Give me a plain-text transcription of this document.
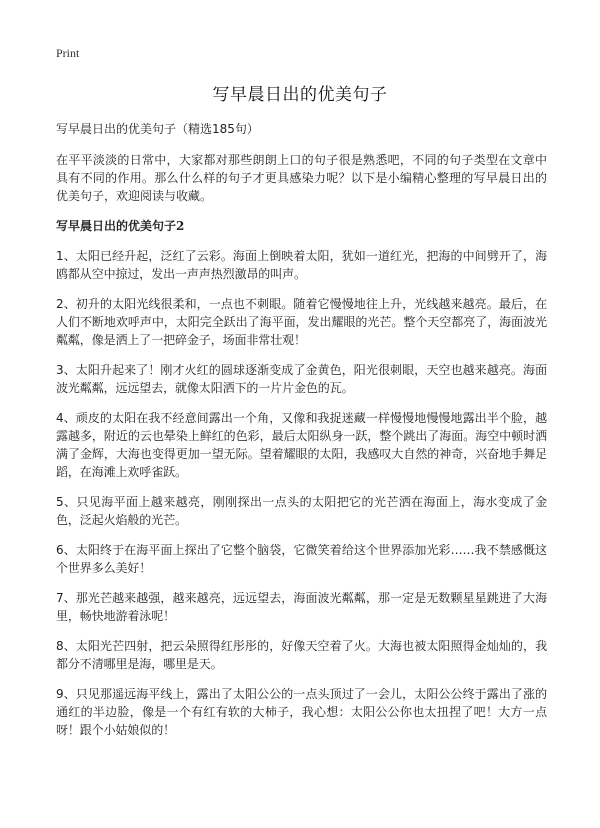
Print
写早晨日出的优美句子

写早晨日出的优美句子（精选185句）

在平平淡淡的日常中，大家都对那些朗朗上口的句子很是熟悉吧，不同的句子类型在文章中具有不同的作用。那么什么样的句子才更具感染力呢？以下是小编精心整理的写早晨日出的优美句子，欢迎阅读与收藏。

写早晨日出的优美句子2

1、太阳已经升起，泛红了云彩。海面上倒映着太阳，犹如一道红光，把海的中间劈开了，海鸥都从空中掠过，发出一声声热烈激昂的叫声。

2、初升的太阳光线很柔和，一点也不刺眼。随着它慢慢地往上升，光线越来越亮。最后，在人们不断地欢呼声中，太阳完全跃出了海平面，发出耀眼的光芒。整个天空都亮了，海面波光粼粼，像是洒上了一把碎金子，场面非常壮观！

3、太阳升起来了！刚才火红的圆球逐渐变成了金黄色，阳光很刺眼，天空也越来越亮。海面波光粼粼，远远望去，就像太阳洒下的一片片金色的瓦。

4、顽皮的太阳在我不经意间露出一个角，又像和我捉迷藏一样慢慢地慢慢地露出半个脸，越露越多，附近的云也晕染上鲜红的色彩，最后太阳纵身一跃，整个跳出了海面。海空中顿时洒满了金辉，大海也变得更加一望无际。望着耀眼的太阳，我感叹大自然的神奇，兴奋地手舞足蹈，在海滩上欢呼雀跃。

5、只见海平面上越来越亮，刚刚探出一点头的太阳把它的光芒洒在海面上，海水变成了金色，泛起火焰般的光芒。

6、太阳终于在海平面上探出了它整个脑袋，它微笑着给这个世界添加光彩……我不禁感慨这个世界多么美好！

7、那光芒越来越强，越来越亮，远远望去，海面波光粼粼，那一定是无数颗星星跳进了大海里，畅快地游着泳呢！

8、太阳光芒四射，把云朵照得红彤彤的，好像天空着了火。大海也被太阳照得金灿灿的，我都分不清哪里是海，哪里是天。

9、只见那遥远海平线上，露出了太阳公公的一点头顶过了一会儿，太阳公公终于露出了涨的通红的半边脸，像是一个有红有软的大柿子，我心想：太阳公公你也太扭捏了吧！大方一点呀！跟个小姑娘似的！
